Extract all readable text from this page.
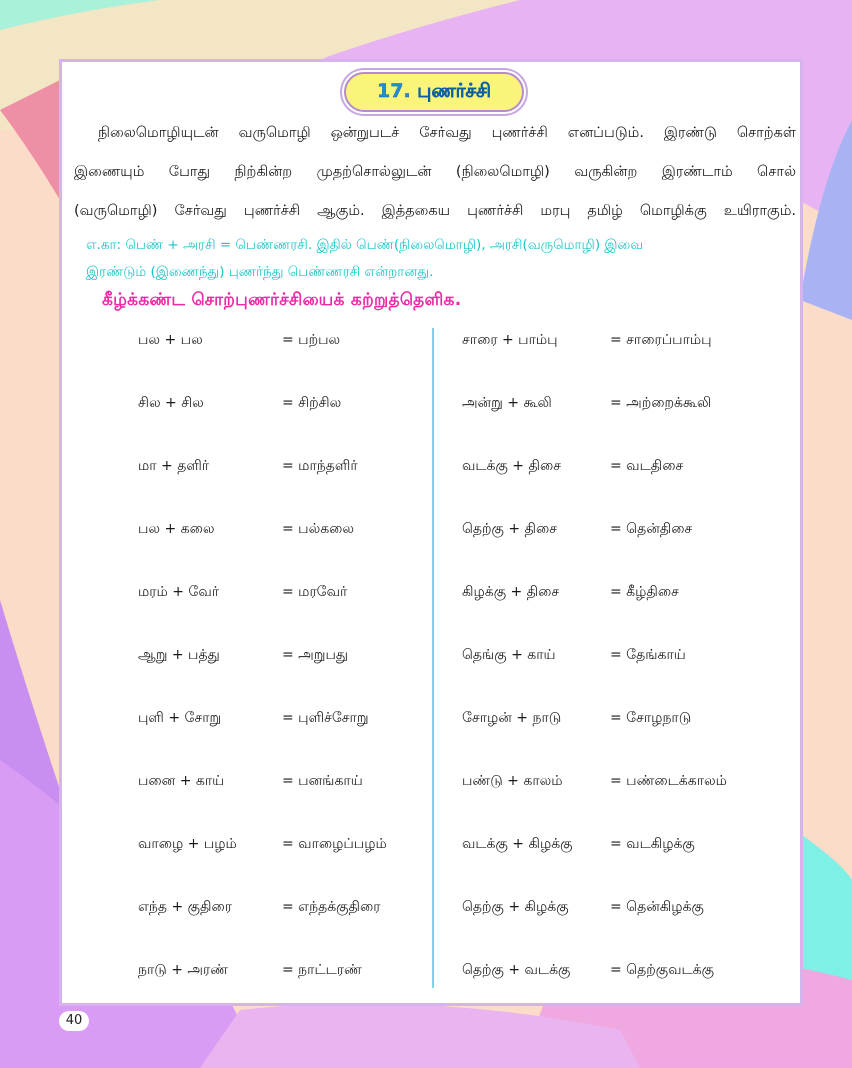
17. புணர்ச்சி
நிலைமொழியுடன் வருமொழி ஒன்றுபடச் சேர்வது புணர்ச்சி எனப்படும். இரண்டு சொற்கள்
இணையும் போது நிற்கின்ற முதற்சொல்லுடன் (நிலைமொழி) வருகின்ற இரண்டாம் சொல்
(வருமொழி) சேர்வது புணர்ச்சி ஆகும். இத்தகைய புணர்ச்சி மரபு தமிழ் மொழிக்கு உயிராகும்.
எ.கா: பெண் + அரசி = பெண்ணரசி. இதில் பெண்(நிலைமொழி), அரசி(வருமொழி) இவை
இரண்டும் (இணைந்து) புணர்ந்து பெண்ணரசி என்றானது.
கீழ்க்கண்ட சொற்புணர்ச்சியைக் கற்றுத்தெளிக.
பல + பல	= பற்பல
சில + சில	= சிற்சில
மா + தளிர்	= மாந்தளிர்
பல + கலை	= பல்கலை
மரம் + வேர்	= மரவேர்
ஆறு + பத்து	= அறுபது
புளி + சோறு	= புளிச்சோறு
பனை + காய்	= பனங்காய்
வாழை + பழம்	= வாழைப்பழம்
எந்த + குதிரை	= எந்தக்குதிரை
நாடு + அரண்	= நாட்டரண்
சாரை + பாம்பு	= சாரைப்பாம்பு
அன்று + கூலி	= அற்றைக்கூலி
வடக்கு + திசை	= வடதிசை
தெற்கு + திசை	= தென்திசை
கிழக்கு + திசை	= கீழ்திசை
தெங்கு + காய்	= தேங்காய்
சோழன் + நாடு	= சோழநாடு
பண்டு + காலம்	= பண்டைக்காலம்
வடக்கு + கிழக்கு	= வடகிழக்கு
தெற்கு + கிழக்கு	= தென்கிழக்கு
தெற்கு + வடக்கு	= தெற்குவடக்கு
40
